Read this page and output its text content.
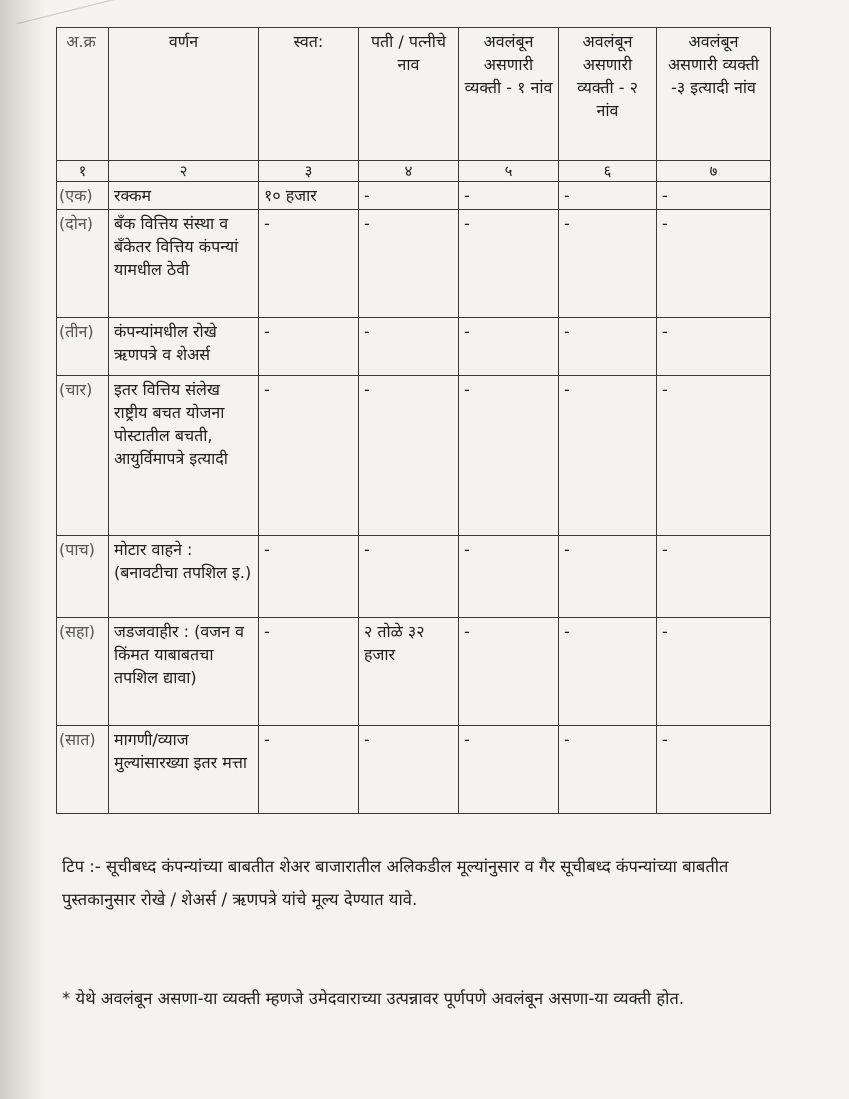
अ.क्र	वर्णन	स्वत:	पती / पत्नीचे नाव	अवलंबून असणारी व्यक्ती - १ नांव	अवलंबून असणारी व्यक्ती - २ नांव	अवलंबून असणारी व्यक्ती -३ इत्यादी नांव
१	२	३	४	५	६	७
(एक)	रक्कम	१० हजार	-	-	-	-
(दोन)	बॅंक वित्तिय संस्था व बॅंकेतर वित्तिय कंपन्यां यामधील ठेवी	-	-	-	-	-
(तीन)	कंपन्यांमधील रोखे ऋणपत्रे व शेअर्स	-	-	-	-	-
(चार)	इतर वित्तिय संलेख राष्ट्रीय बचत योजना पोस्टातील बचती, आयुर्विमापत्रे इत्यादी	-	-	-	-	-
(पाच)	मोटार वाहने : (बनावटीचा तपशिल इ.)	-	-	-	-	-
(सहा)	जडजवाहीर : (वजन व किंमत याबाबतचा तपशिल द्यावा)	-	२ तोळे ३२ हजार	-	-	-
(सात)	मागणी/व्याज मुल्यांसारख्या इतर मत्ता	-	-	-	-	-
टिप :- सूचीबध्द कंपन्यांच्या बाबतीत शेअर बाजारातील अलिकडील मूल्यांनुसार व गैर सूचीबध्द कंपन्यांच्या बाबतीत पुस्तकानुसार रोखे / शेअर्स / ऋणपत्रे यांचे मूल्य देण्यात यावे.
* येथे अवलंबून असणा-या व्यक्ती म्हणजे उमेदवाराच्या उत्पन्नावर पूर्णपणे अवलंबून असणा-या व्यक्ती होत.
